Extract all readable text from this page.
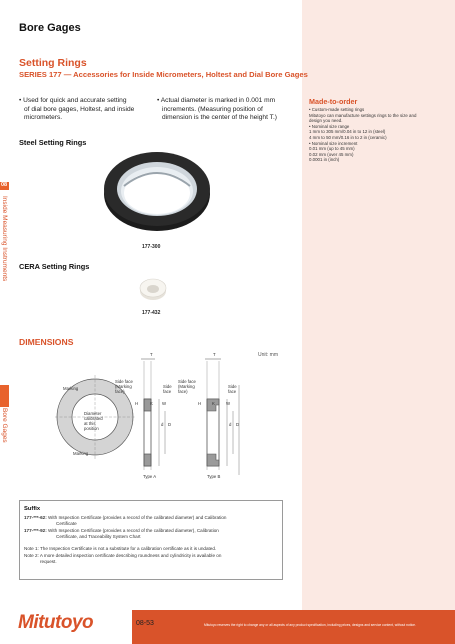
08
Inside Measuring Instruments
Bore Gages
Bore Gages
Setting Rings
SERIES 177 — Accessories for Inside Micrometers, Holtest and Dial Bore Gages
• Used for quick and accurate setting
of dial bore gages, Holtest, and inside
micrometers.
• Actual diameter is marked in 0.001 mm
increments. (Measuring position of
dimension is the center of the height T.)
Steel Setting Rings
177-300
CERA Setting Rings
177-432
Made-to-order
• Custom-made setting rings
Mitutoyo can manufacture settings rings to the size and
design you need.
• Nominal size range
1 mm to 305 mm/0.04 in to 12 in (steel)
4 mm to 50 mm/0.16 in to 2 in (ceramic)
• Nominal size increment
0.01 mm (up to 45 mm)
0.02 mm (over 45 mm)
0.0001 in (inch)
DIMENSIONS
Unit: mm
Marking
Marking
Diameter
calibrated
at this
position
Side face
(Marking
face)
Side
face
Side face
(Marking
face)
Side
face
T	T
H	K W	H	K	W
d D	d D
Type A	Type B
Suffix
177-***-62: With Inspection Certificate (provides a record of the calibrated diameter) and Calibration
Certificate
177-***-92: With Inspection Certificate (provides a record of the calibrated diameter), Calibration
Certificate, and Traceability System Chart
Note 1: The Inspection Certificate is not a substitute for a calibration certificate as it is undated.
Note 2: A more detailed inspection certificate describing roundness and cylindricity is available on
request.
Mitutoyo	08-53	Mitutoyo reserves the right to change any or all aspects of any product specification, including prices, designs and service content, without notice.
